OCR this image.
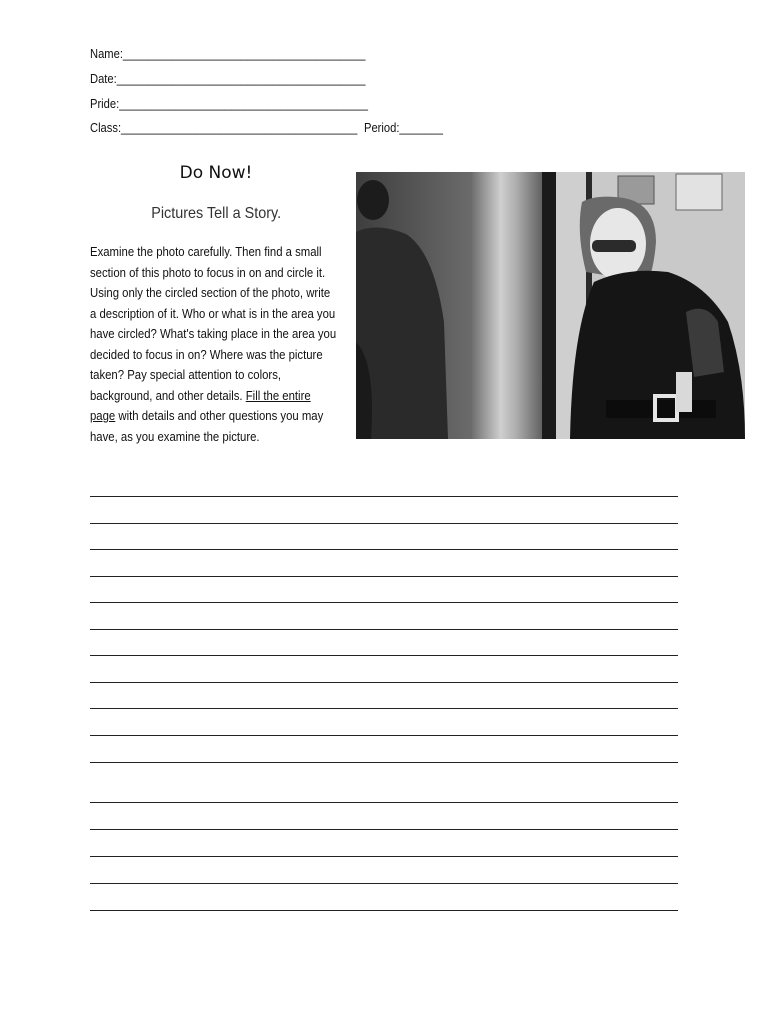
Name:_______________________________________
Date:________________________________________
Pride:________________________________________
Class:______________________________________ Period:_______
Do Now!
Pictures Tell a Story.
Examine the photo carefully. Then find a small section of this photo to focus in on and circle it. Using only the circled section of the photo, write a description of it. Who or what is in the area you have circled? What's taking place in the area you decided to focus in on? Where was the picture taken? Pay special attention to colors, background, and other details. Fill the entire page with details and other questions you may have, as you examine the picture.
